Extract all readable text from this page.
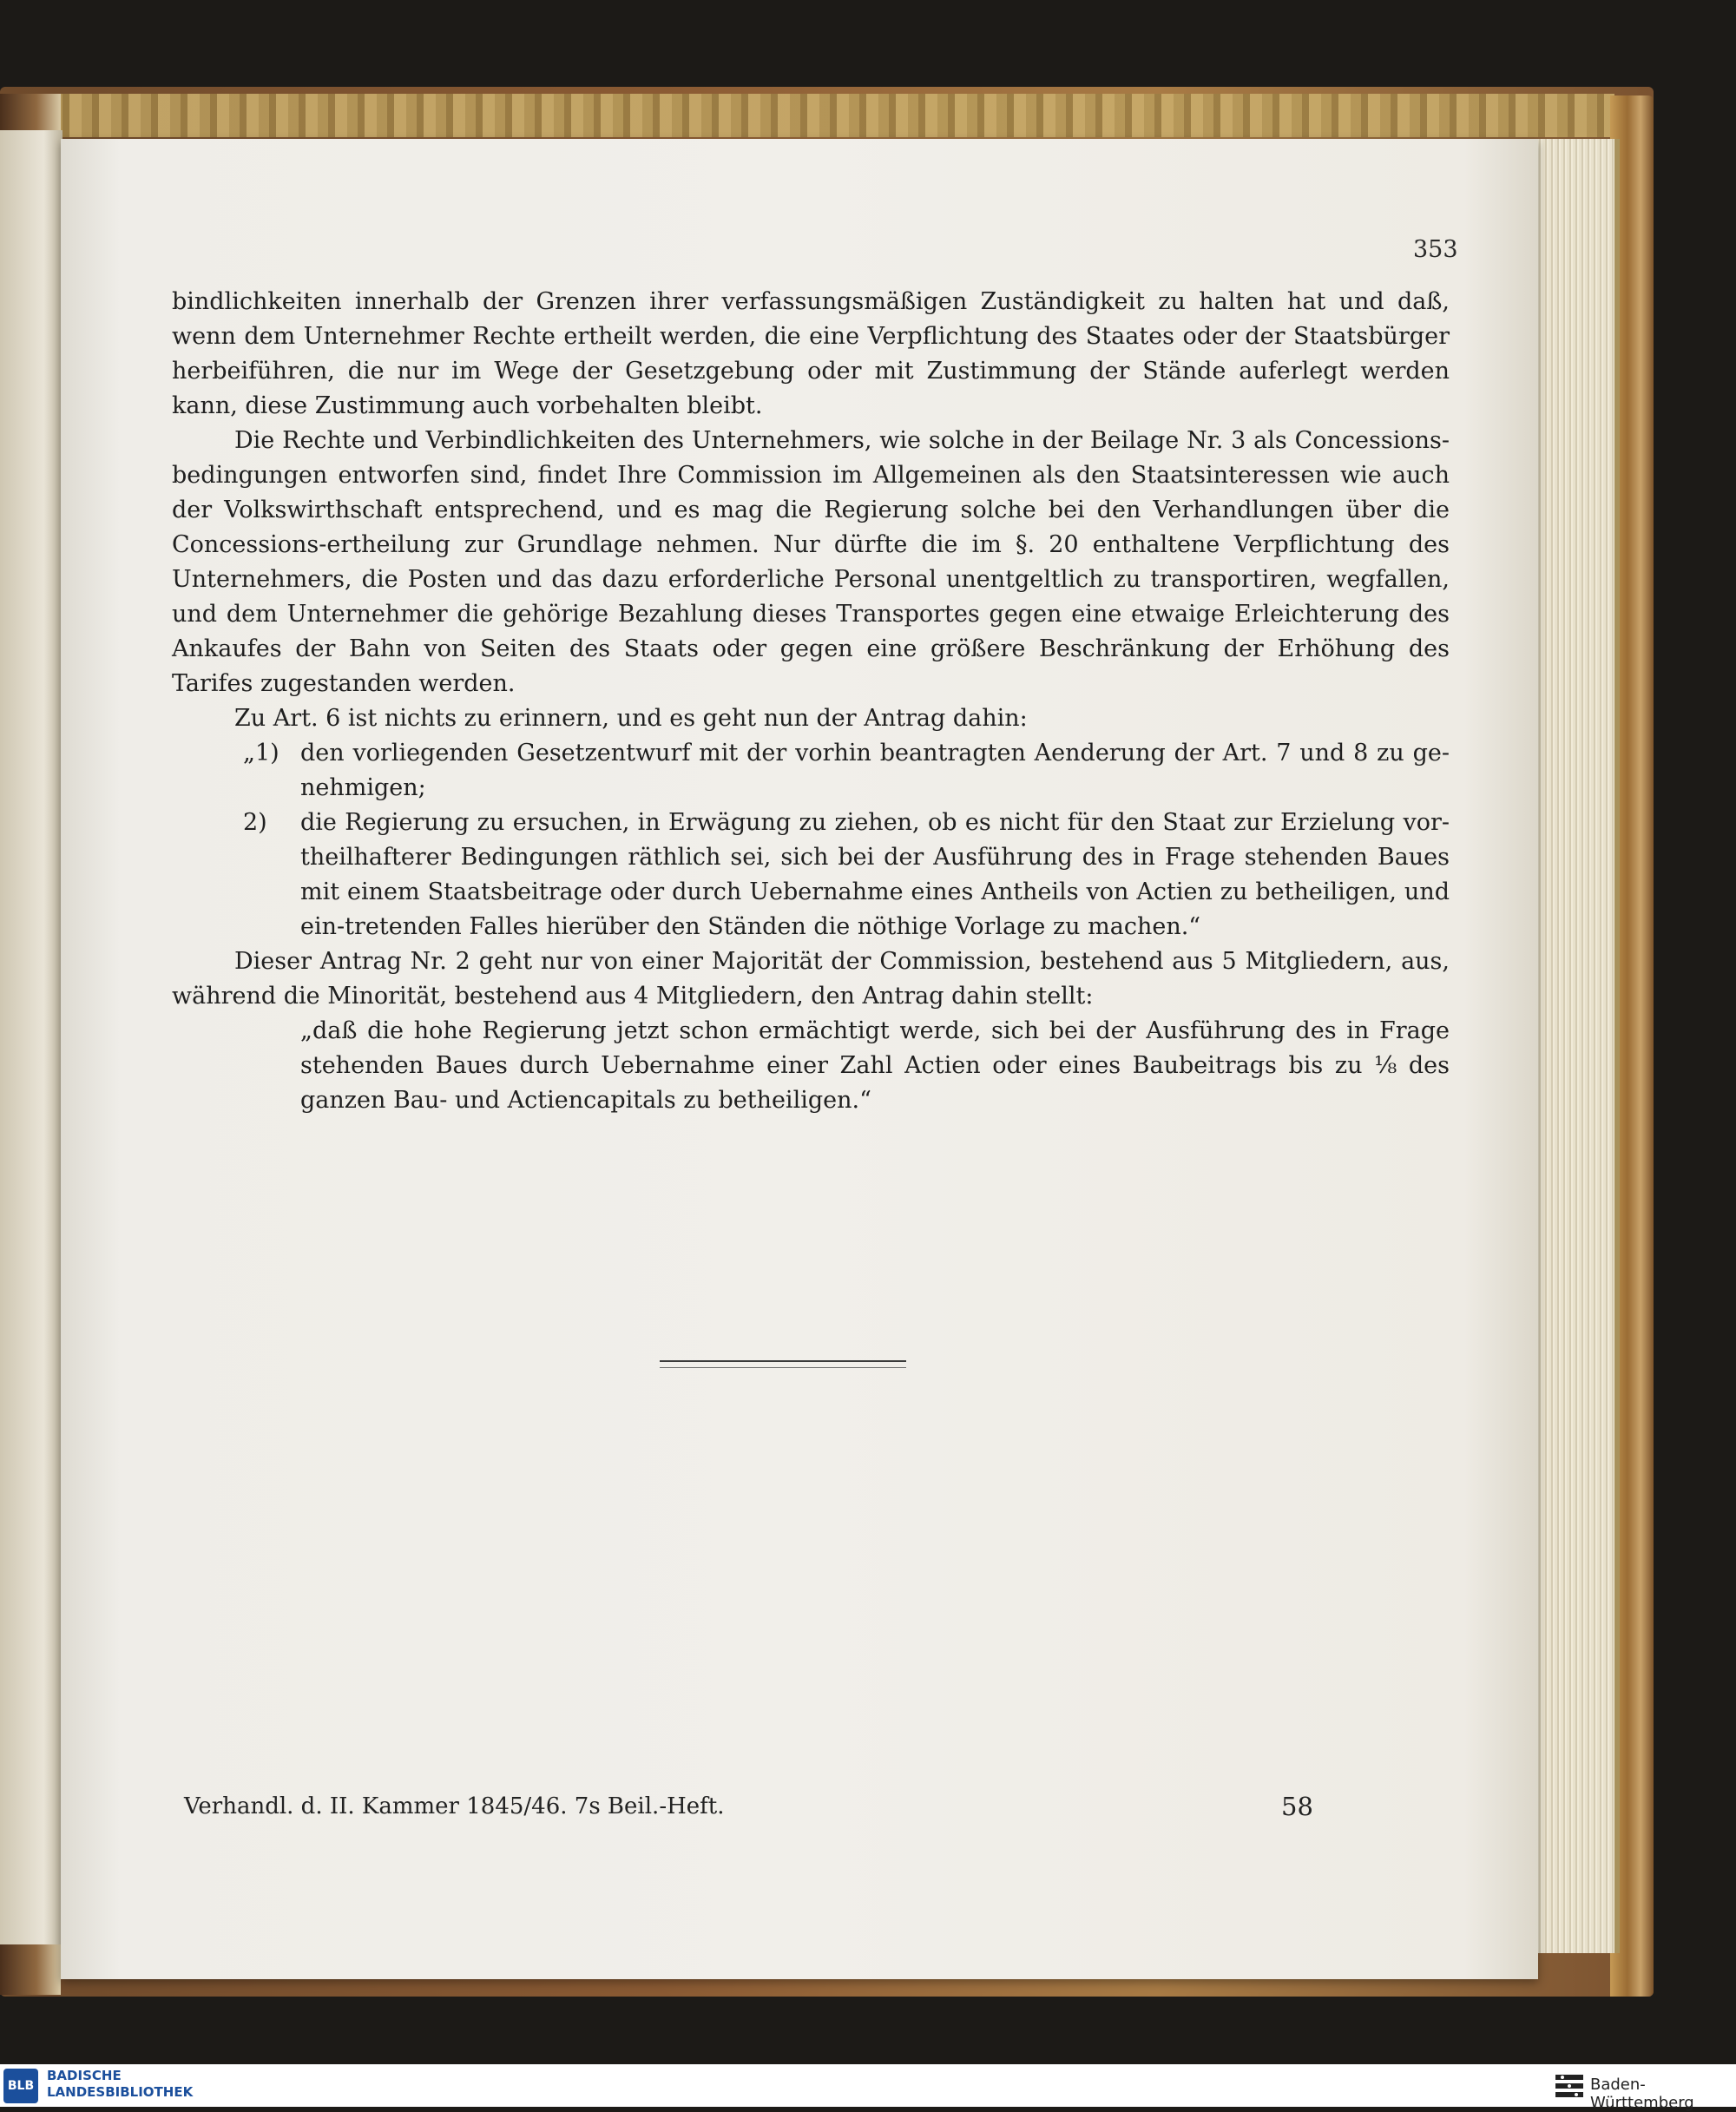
353

bindlichkeiten innerhalb der Grenzen ihrer verfassungsmäßigen Zuständigkeit zu halten hat und daß, wenn dem Unternehmer Rechte ertheilt werden, die eine Verpflichtung des Staates oder der Staatsbürger herbeiführen, die nur im Wege der Gesetzgebung oder mit Zustimmung der Stände auferlegt werden kann, diese Zustimmung auch vorbehalten bleibt.

Die Rechte und Verbindlichkeiten des Unternehmers, wie solche in der Beilage Nr. 3 als Concessions-bedingungen entworfen sind, findet Ihre Commission im Allgemeinen als den Staatsinteressen wie auch der Volkswirthschaft entsprechend, und es mag die Regierung solche bei den Verhandlungen über die Concessions-ertheilung zur Grundlage nehmen. Nur dürfte die im §. 20 enthaltene Verpflichtung des Unternehmers, die Posten und das dazu erforderliche Personal unentgeltlich zu transportiren, wegfallen, und dem Unternehmer die gehörige Bezahlung dieses Transportes gegen eine etwaige Erleichterung des Ankaufes der Bahn von Seiten des Staats oder gegen eine größere Beschränkung der Erhöhung des Tarifes zugestanden werden.

Zu Art. 6 ist nichts zu erinnern, und es geht nun der Antrag dahin:

„1) den vorliegenden Gesetzentwurf mit der vorhin beantragten Aenderung der Art. 7 und 8 zu ge-nehmigen;
2) die Regierung zu ersuchen, in Erwägung zu ziehen, ob es nicht für den Staat zur Erzielung vor-theilhafterer Bedingungen räthlich sei, sich bei der Ausführung des in Frage stehenden Baues mit einem Staatsbeitrage oder durch Uebernahme eines Antheils von Actien zu betheiligen, und ein-tretenden Falles hierüber den Ständen die nöthige Vorlage zu machen.“

Dieser Antrag Nr. 2 geht nur von einer Majorität der Commission, bestehend aus 5 Mitgliedern, aus, während die Minorität, bestehend aus 4 Mitgliedern, den Antrag dahin stellt:

„daß die hohe Regierung jetzt schon ermächtigt werde, sich bei der Ausführung des in Frage stehenden Baues durch Uebernahme einer Zahl Actien oder eines Baubeitrags bis zu ⅛ des ganzen Bau- und Actiencapitals zu betheiligen.“

Verhandl. d. II. Kammer 1845/46. 7s Beil.-Heft.	58
BLB
BADISCHE
LANDESBIBLIOTHEK	Baden-Württemberg
